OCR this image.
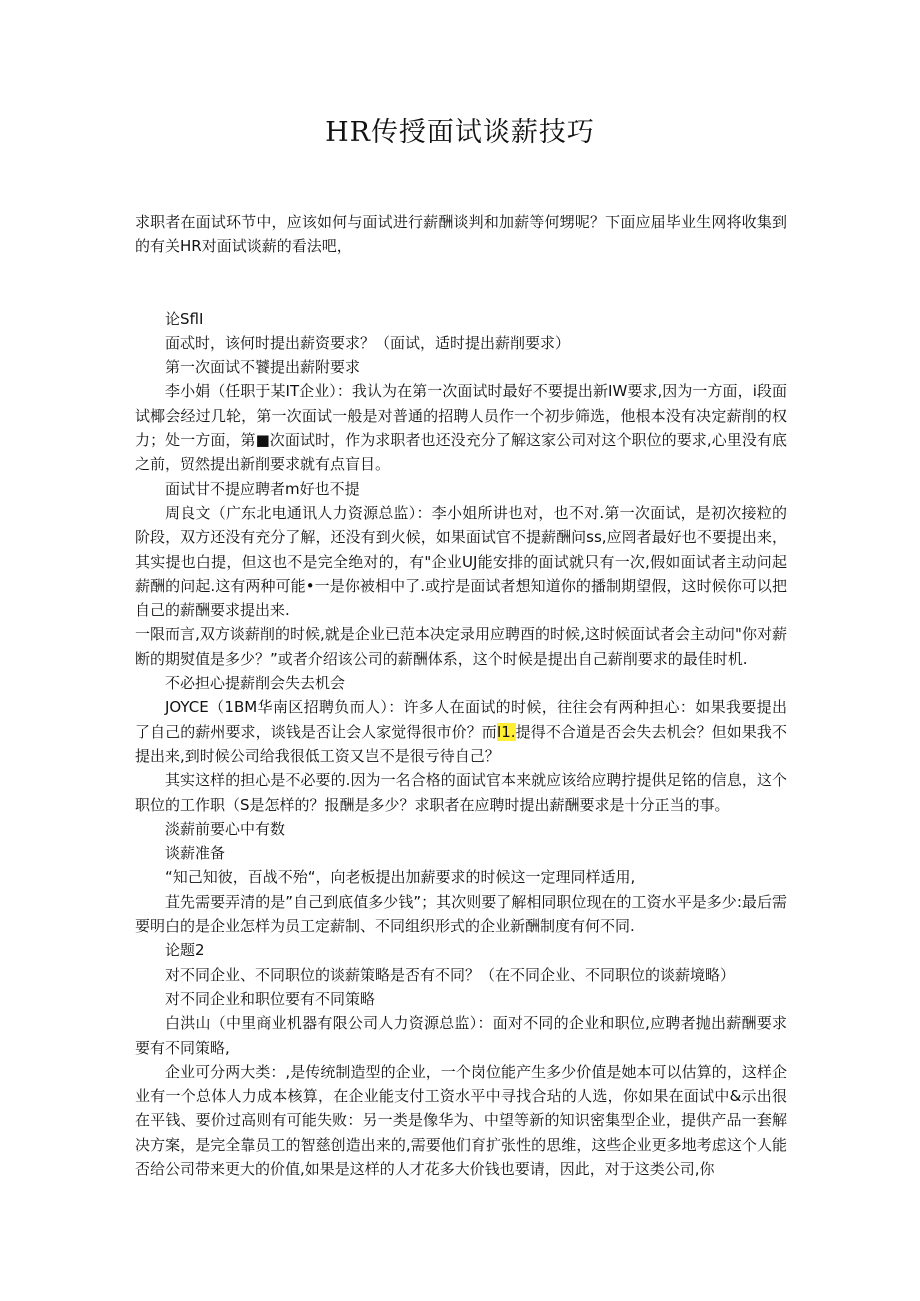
HR传授面试谈薪技巧

求职者在面试环节中，应该如何与面试进行薪酬谈判和加薪等何甥呢？下面应届毕业生网将收集到的有关HR对面试谈薪的看法吧，

论SflI

面忒时，该何时提出薪资要求？（面试，适时提出薪削要求）

第一次面试不饕提出薪附要求

李小娟（任职于某IT企业）：我认为在第一次面试时最好不要提出新IW要求,因为一方面，i段面试椰会经过几轮，第一次面试一般是对普通的招聘人员作一个初步筛选，他根本没有决定薪削的权力；处一方面，第■次面试时，作为求职者也还没充分了解这家公司对这个职位的要求,心里没有底之前，贸然提出新削要求就有点盲目。

面试甘不提应聘者m好也不提

周良文（广东北电通讯人力资源总监）：李小姐所讲也对，也不对.第一次面试，是初次接粒的阶段，双方还没有充分了解，还没有到火候，如果面试官不提薪酬问ss,应罔者最好也不要提出来，其实提也白提，但这也不是完全绝对的，有"企业UJ能安排的面试就只有一次,假如面试者主动问起薪酬的问起.这有两种可能•一是你被相中了.或拧是面试者想知道你的播制期望假，这时候你可以把自己的薪酬要求提出来.

一限而言,双方谈薪削的时候,就是企业已范本决定录用应聘酉的时候,这时候面试者会主动问"你对薪断的期熨值是多少？”或者介绍该公司的薪酬体系，这个时候是提出自己薪削要求的最佳时机.

不必担心提薪削会失去机会

JOYCE（1BM华南区招聘负而人）：许多人在面试的时候，往往会有两种担心：如果我要提出了自己的薪州要求，谈钱是否让会人家觉得很市价？而I1.提得不合道是否会失去机会？但如果我不提出来,到时候公司给我很低工资又岂不是很亏待自己？

其实这样的担心是不必要的.因为一名合格的面试官本来就应该给应聘拧提供足铭的信息，这个职位的工作职（S是怎样的？报酬是多少？求职者在应聘时提出薪酬要求是十分正当的事。

淡薪前要心中有数

谈薪准备

“知己知彼，百战不殆“，向老板提出加薪要求的时候这一定理同样适用,

苴先需要弄清的是”自己到底值多少钱”；其次则要了解相同职位现在的工资水平是多少:最后需要明白的是企业怎样为员工定薪制、不同组织形式的企业新酬制度有何不同.

论题2

对不同企业、不同职位的谈薪策略是否有不同？（在不同企业、不同职位的谈薪境略）

对不同企业和职位要有不同策略

白洪山（中里商业机器有限公司人力资源总监）：面对不同的企业和职位,应聘者抛出薪酬要求要有不同策略,

企业可分两大类：,是传统制造型的企业，一个岗位能产生多少价值是她本可以估算的，这样企业有一个总体人力成本核算，在企业能支付工资水平中寻找合玷的人选，你如果在面试中&示出很在平钱、要价过高则有可能失败：另一类是像华为、中望等新的知识密集型企业，提供产品一套解决方案，是完全靠员工的智慈创造出来的,需要他们育扩张性的思维，这些企业更多地考虑这个人能否给公司带来更大的价值,如果是这样的人才花多大价钱也要请，因此，对于这类公司,你
